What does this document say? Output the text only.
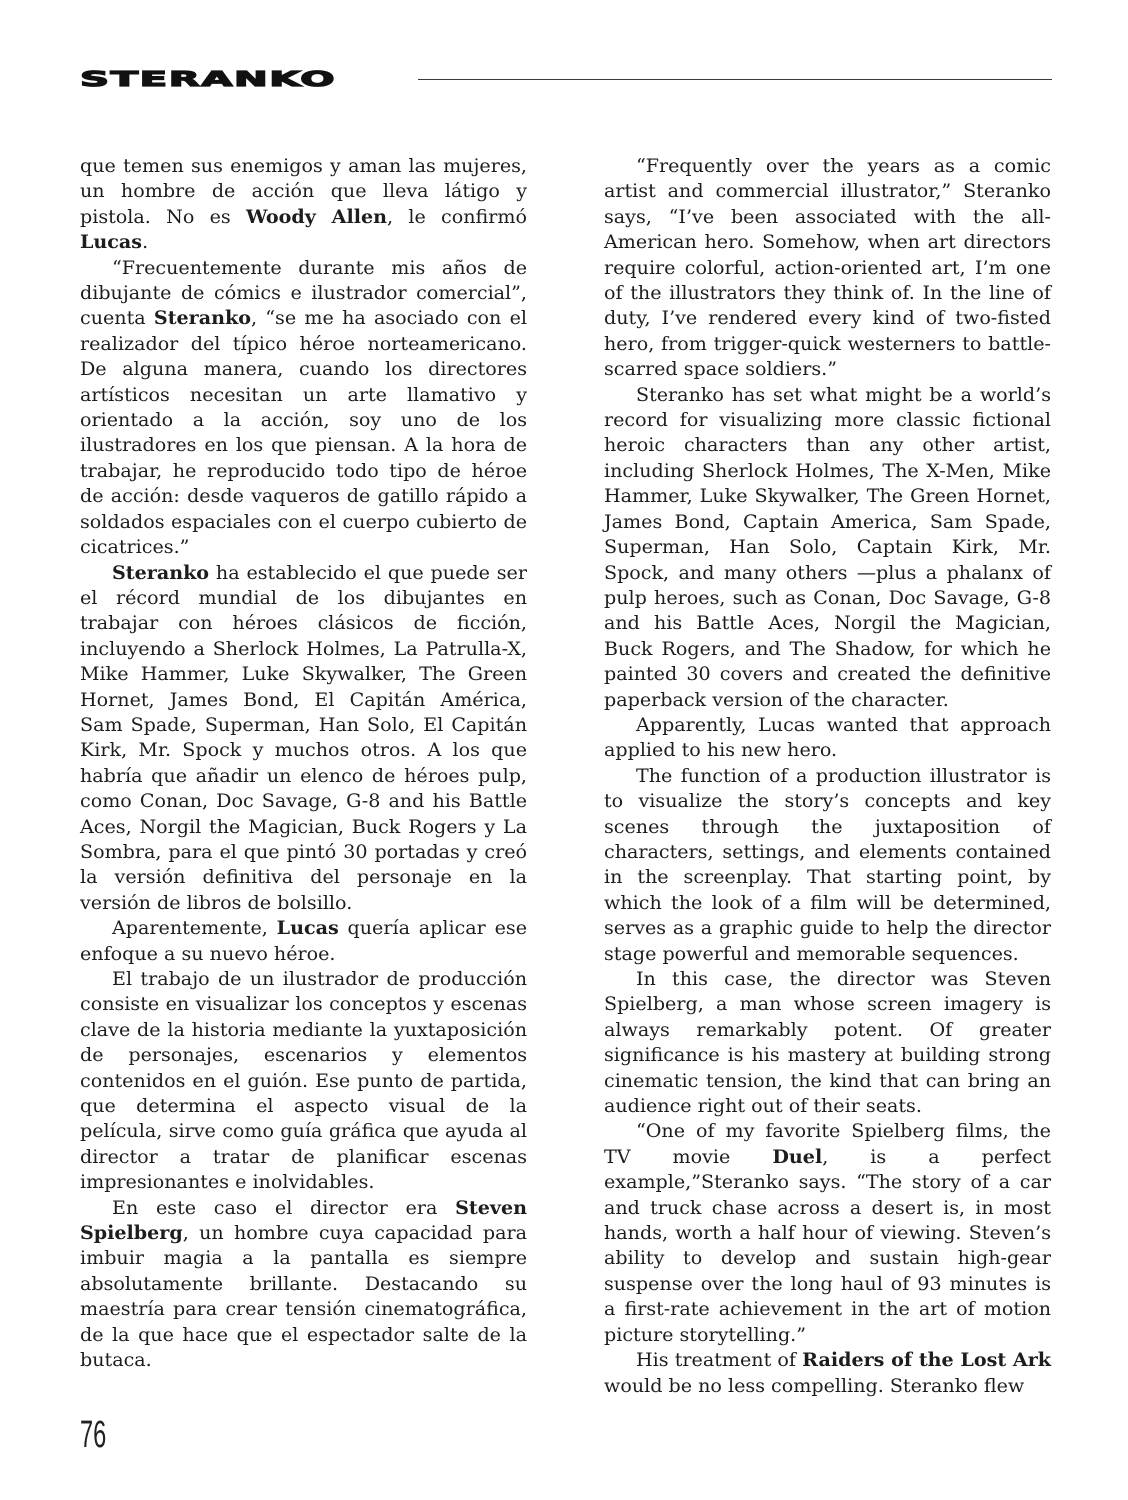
STERANKO

que temen sus enemigos y aman las mujeres, un hombre de acción que lleva látigo y pistola. No es Woody Allen, le confirmó Lucas.

“Frecuentemente durante mis años de dibujante de cómics e ilustrador comercial”, cuenta Steranko, “se me ha asociado con el realizador del típico héroe norteamericano. De alguna manera, cuando los directores artísticos necesitan un arte llamativo y orientado a la acción, soy uno de los ilustradores en los que piensan. A la hora de trabajar, he reproducido todo tipo de héroe de acción: desde vaqueros de gatillo rápido a soldados espaciales con el cuerpo cubierto de cicatrices.”

Steranko ha establecido el que puede ser el récord mundial de los dibujantes en trabajar con héroes clásicos de ficción, incluyendo a Sherlock Holmes, La Patrulla-X, Mike Hammer, Luke Skywalker, The Green Hornet, James Bond, El Capitán América, Sam Spade, Superman, Han Solo, El Capitán Kirk, Mr. Spock y muchos otros. A los que habría que añadir un elenco de héroes pulp, como Conan, Doc Savage, G-8 and his Battle Aces, Norgil the Magician, Buck Rogers y La Sombra, para el que pintó 30 portadas y creó la versión definitiva del personaje en la versión de libros de bolsillo.

Aparentemente, Lucas quería aplicar ese enfoque a su nuevo héroe.

El trabajo de un ilustrador de producción consiste en visualizar los conceptos y escenas clave de la historia mediante la yuxtaposición de personajes, escenarios y elementos contenidos en el guión. Ese punto de partida, que determina el aspecto visual de la película, sirve como guía gráfica que ayuda al director a tratar de planificar escenas impresionantes e inolvidables.

En este caso el director era Steven Spielberg, un hombre cuya capacidad para imbuir magia a la pantalla es siempre absolutamente brillante. Destacando su maestría para crear tensión cinematográfica, de la que hace que el espectador salte de la butaca.

“Frequently over the years as a comic artist and commercial illustrator,” Steranko says, “I’ve been associated with the all-American hero. Somehow, when art directors require colorful, action-oriented art, I’m one of the illustrators they think of. In the line of duty, I’ve rendered every kind of two-fisted hero, from trigger-quick westerners to battle-scarred space soldiers.”

Steranko has set what might be a world’s record for visualizing more classic fictional heroic characters than any other artist, including Sherlock Holmes, The X-Men, Mike Hammer, Luke Skywalker, The Green Hornet, James Bond, Captain America, Sam Spade, Superman, Han Solo, Captain Kirk, Mr. Spock, and many others —plus a phalanx of pulp heroes, such as Conan, Doc Savage, G-8 and his Battle Aces, Norgil the Magician, Buck Rogers, and The Shadow, for which he painted 30 covers and created the definitive paperback version of the character.

Apparently, Lucas wanted that approach applied to his new hero.

The function of a production illustrator is to visualize the story’s concepts and key scenes through the juxtaposition of characters, settings, and elements contained in the screenplay. That starting point, by which the look of a film will be determined, serves as a graphic guide to help the director stage powerful and memorable sequences.

In this case, the director was Steven Spielberg, a man whose screen imagery is always remarkably potent. Of greater significance is his mastery at building strong cinematic tension, the kind that can bring an audience right out of their seats.

“One of my favorite Spielberg films, the TV movie Duel, is a perfect example,”Steranko says. “The story of a car and truck chase across a desert is, in most hands, worth a half hour of viewing. Steven’s ability to develop and sustain high-gear suspense over the long haul of 93 minutes is a first-rate achievement in the art of motion picture storytelling.”

His treatment of Raiders of the Lost Ark would be no less compelling. Steranko flew

76
